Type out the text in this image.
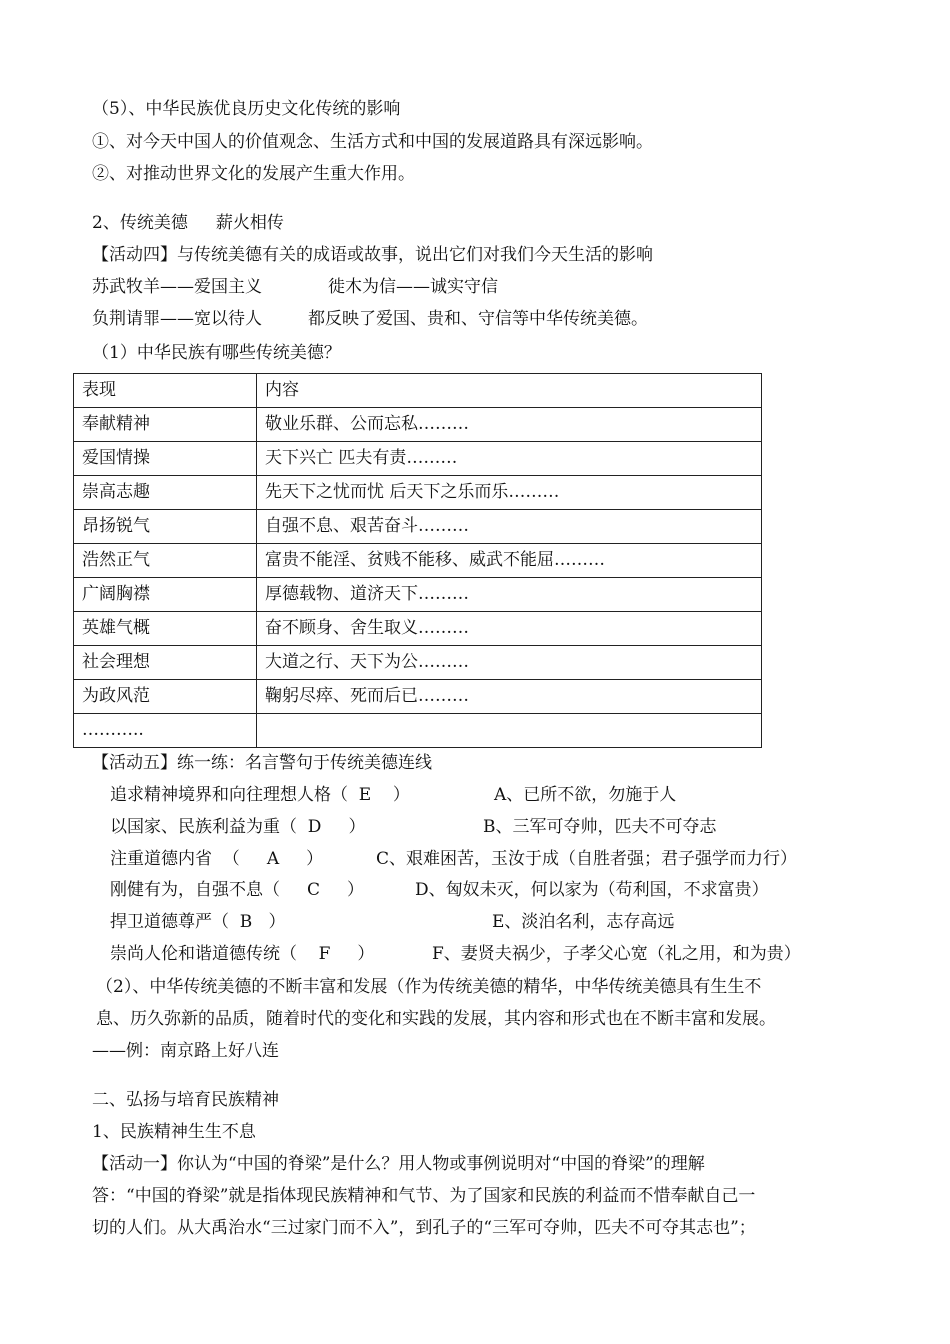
（5）、中华民族优良历史文化传统的影响
①、对今天中国人的价值观念、生活方式和中国的发展道路具有深远影响。
②、对推动世界文化的发展产生重大作用。
2、传统美德 薪火相传
【活动四】与传统美德有关的成语或故事，说出它们对我们今天生活的影响
苏武牧羊——爱国主义	徙木为信——诚实守信
负荆请罪——宽以待人	都反映了爱国、贵和、守信等中华传统美德。
（1）中华民族有哪些传统美德？
表现	内容
奉献精神	敬业乐群、公而忘私………
爱国情操	天下兴亡 匹夫有责………
崇高志趣	先天下之忧而忧 后天下之乐而乐………
昂扬锐气	自强不息、艰苦奋斗………
浩然正气	富贵不能淫、贫贱不能移、威武不能屈………
广阔胸襟	厚德载物、道济天下………
英雄气概	奋不顾身、舍生取义………
社会理想	大道之行、天下为公………
为政风范	鞠躬尽瘁、死而后已………
………..	
【活动五】练一练：名言警句于传统美德连线
追求精神境界和向往理想人格（  E    ）	A、已所不欲，勿施于人
以国家、民族利益为重（  D     ）	B、三军可夺帅，匹夫不可夺志
注重道德内省  （     A     ）	C、艰难困苦，玉汝于成（自胜者强；君子强学而力行）
刚健有为，自强不息（     C     ）	D、匈奴未灭，何以家为（苟利国，不求富贵）
捍卫道德尊严（  B   ）	E、淡泊名利，志存高远
崇尚人伦和谐道德传统（    F     ）	F、妻贤夫祸少，子孝父心宽（礼之用，和为贵）
（2）、中华传统美德的不断丰富和发展（作为传统美德的精华，中华传统美德具有生生不
息、历久弥新的品质，随着时代的变化和实践的发展，其内容和形式也在不断丰富和发展。
——例：南京路上好八连
二、弘扬与培育民族精神
1、民族精神生生不息
【活动一】你认为“中国的脊梁”是什么？用人物或事例说明对“中国的脊梁”的理解
答：“中国的脊梁”就是指体现民族精神和气节、为了国家和民族的利益而不惜奉献自己一
切的人们。从大禹治水“三过家门而不入”，到孔子的“三军可夺帅，匹夫不可夺其志也”；
